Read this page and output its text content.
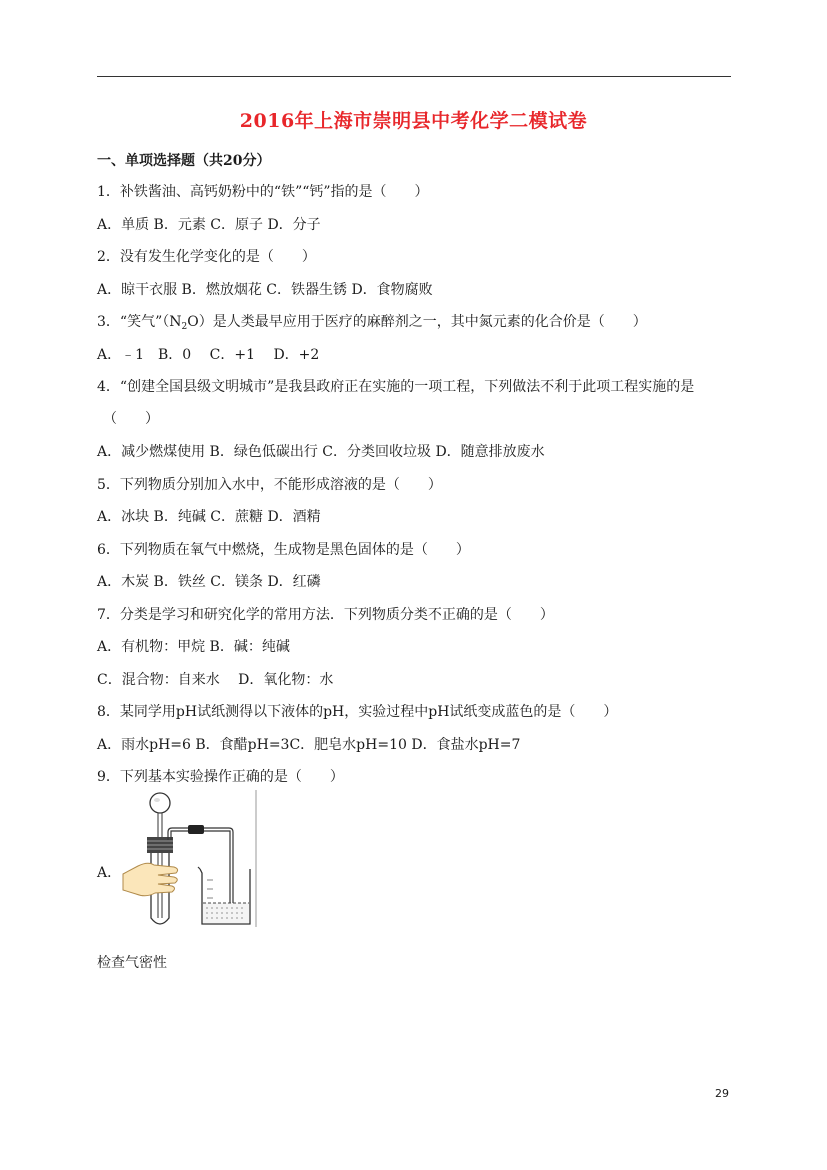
2016年上海市崇明县中考化学二模试卷
一、单项选择题（共20分）
1．补铁酱油、高钙奶粉中的“铁”“钙”指的是（　　）
A．单质 B．元素 C．原子 D．分子
2．没有发生化学变化的是（　　）
A．晾干衣服 B．燃放烟花 C．铁器生锈 D．食物腐败
3．“笑气$”(N_2O)$是人类最早应用于医疗的麻醉剂之一，其中氮元素的化合价是（　　）
A．﹣1　B．0　 C．+1　 D．+2
4．“创建全国县级文明城市”是我县政府正在实施的一项工程，下列做法不利于此项工程实施的是
（　　）
A．减少燃煤使用 B．绿色低碳出行 C．分类回收垃圾 D．随意排放废水
5．下列物质分别加入水中，不能形成溶液的是（　　）
A．冰块 B．纯碱 C．蔗糖 D．酒精
6．下列物质在氧气中燃烧，生成物是黑色固体的是（　　）
A．木炭 B．铁丝 C．镁条 D．红磷
7．分类是学习和研究化学的常用方法．下列物质分类不正确的是（　　）
A．有机物：甲烷 B．碱：纯碱
C．混合物：自来水　 D．氧化物：水
8．某同学用pH试纸测得以下液体的pH，实验过程中pH试纸变成蓝色的是（　　）
A．雨水pH=6 B．食醋pH=3C．肥皂水pH=10 D．食盐水pH=7
9．下列基本实验操作正确的是（　　）
A．
检查气密性
29
